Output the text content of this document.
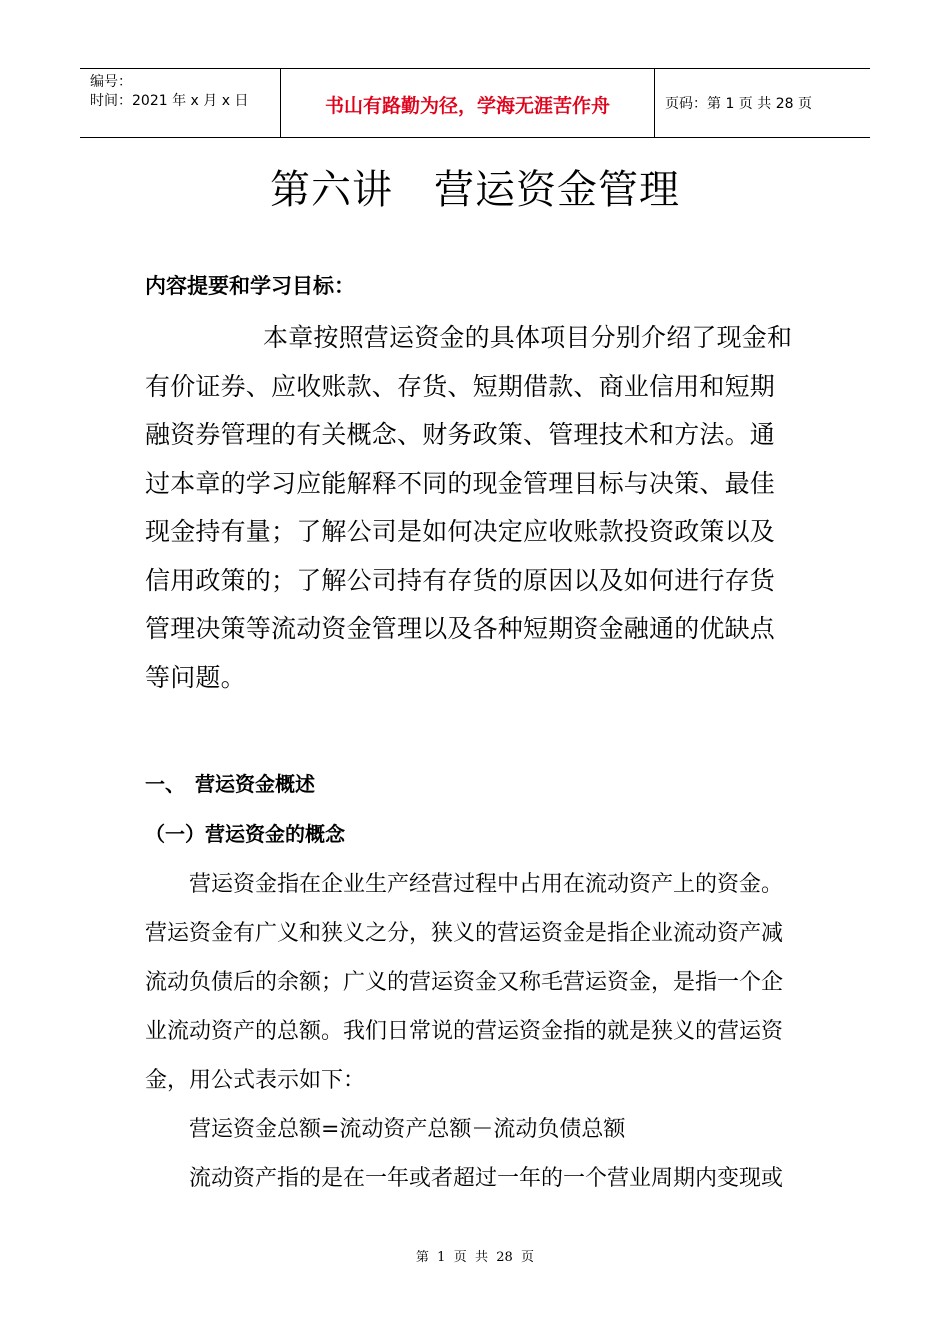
编号：
时间：2021 年 x 月 x 日	书山有路勤为径，学海无涯苦作舟	页码：第 1 页 共 28 页
第六讲　营运资金管理
内容提要和学习目标：
本章按照营运资金的具体项目分别介绍了现金和
有价证券、应收账款、存货、短期借款、商业信用和短期
融资券管理的有关概念、财务政策、管理技术和方法。通
过本章的学习应能解释不同的现金管理目标与决策、最佳
现金持有量；了解公司是如何决定应收账款投资政策以及
信用政策的；了解公司持有存货的原因以及如何进行存货
管理决策等流动资金管理以及各种短期资金融通的优缺点
等问题。
一、　营运资金概述
（一）营运资金的概念
营运资金指在企业生产经营过程中占用在流动资产上的资金。
营运资金有广义和狭义之分，狭义的营运资金是指企业流动资产减
流动负债后的余额；广义的营运资金又称毛营运资金，是指一个企
业流动资产的总额。我们日常说的营运资金指的就是狭义的营运资
金，用公式表示如下：
营运资金总额=流动资产总额－流动负债总额
流动资产指的是在一年或者超过一年的一个营业周期内变现或
第  1  页  共  28  页
